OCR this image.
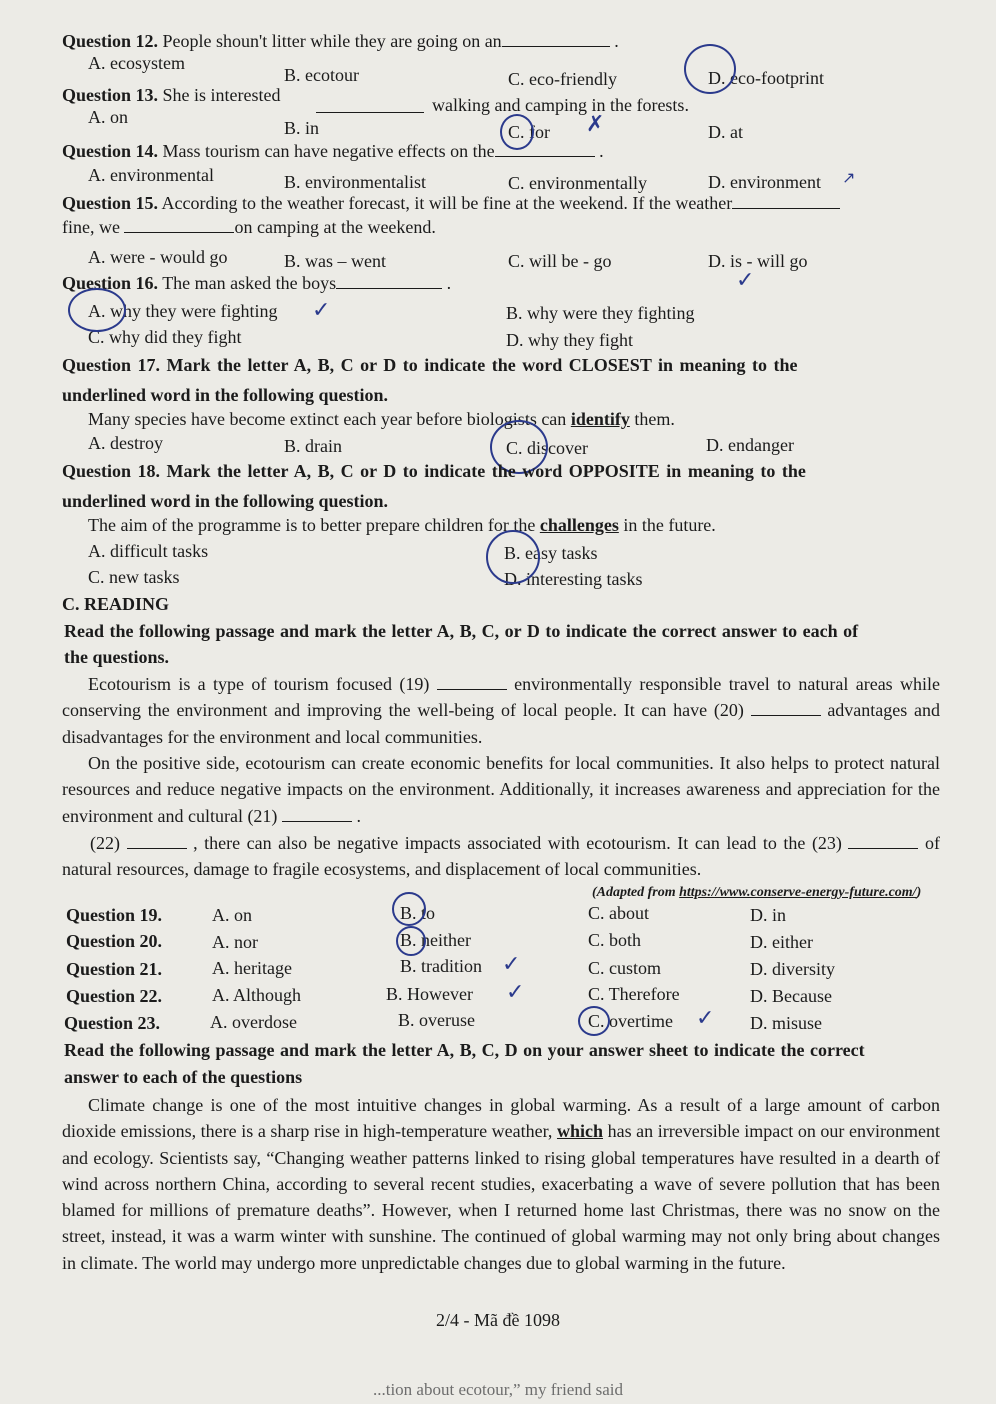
Question 12. People shoun't litter while they are going on an	.
A. ecosystem
B. ecotour	C. eco-friendly	D. eco-footprint
Question 13. She is interested	walking and camping in the forests.
A. on
B. in	C. for	D. at
✗
Question 14. Mass tourism can have negative effects on the	.
A. environmental	B. environmentalist	C. environmentally	D. environment ↗
Question 15. According to the weather forecast, it will be fine at the weekend. If the weather
fine, we	on camping at the weekend.
A. were - would go	B. was – went	C. will be - go	D. is - will go
✓
Question 16. The man asked the boys	.
A. why they were fighting	B. why were they fighting
C. why did they fight	D. why they fight
✓
Question 17. Mark the letter A, B, C or D to indicate the word CLOSEST in meaning to the
underlined word in the following question.
Many species have become extinct each year before biologists can identify them.
A. destroy	B. drain	C. discover	D. endanger
Question 18. Mark the letter A, B, C or D to indicate the word OPPOSITE in meaning to the
underlined word in the following question.
The aim of the programme is to better prepare children for the challenges in the future.
A. difficult tasks	B. easy tasks
C. new tasks	D. interesting tasks
C. READING
Read the following passage and mark the letter A, B, C, or D to indicate the correct answer to each of
the questions.
Ecotourism is a type of tourism focused (19)	environmentally responsible travel to natural areas while conserving the environment and improving the well-being of local people. It can have (20)	advantages and disadvantages for the environment and local communities.
On the positive side, ecotourism can create economic benefits for local communities. It also helps to protect natural resources and reduce negative impacts on the environment. Additionally, it increases awareness and appreciation for the environment and cultural (21)	.
(22)	, there can also be negative impacts associated with ecotourism. It can lead to the (23)	of natural resources, damage to fragile ecosystems, and displacement of local communities.
(Adapted from https://www.conserve-energy-future.com/)
Question 19.	A. on	B. to	C. about	D. in
Question 20.	A. nor	B. neither	C. both	D. either
Question 21.	A. heritage	B. tradition	C. custom	D. diversity
✓
Question 22.	A. Although	B. However	C. Therefore	D. Because
✓
Question 23.	A. overdose	B. overuse	C. overtime	D. misuse
✓
Read the following passage and mark the letter A, B, C, D on your answer sheet to indicate the correct
answer to each of the questions
Climate change is one of the most intuitive changes in global warming. As a result of a large amount of carbon dioxide emissions, there is a sharp rise in high-temperature weather, which has an irreversible impact on our environment and ecology. Scientists say, “Changing weather patterns linked to rising global temperatures have resulted in a dearth of wind across northern China, according to several recent studies, exacerbating a wave of severe pollution that has been blamed for millions of premature deaths”. However, when I returned home last Christmas, there was no snow on the street, instead, it was a warm winter with sunshine. The continued of global warming may not only bring about changes in climate. The world may undergo more unpredictable changes due to global warming in the future.
2/4 - Mã đề 1098
...tion about ecotour,” my friend said
